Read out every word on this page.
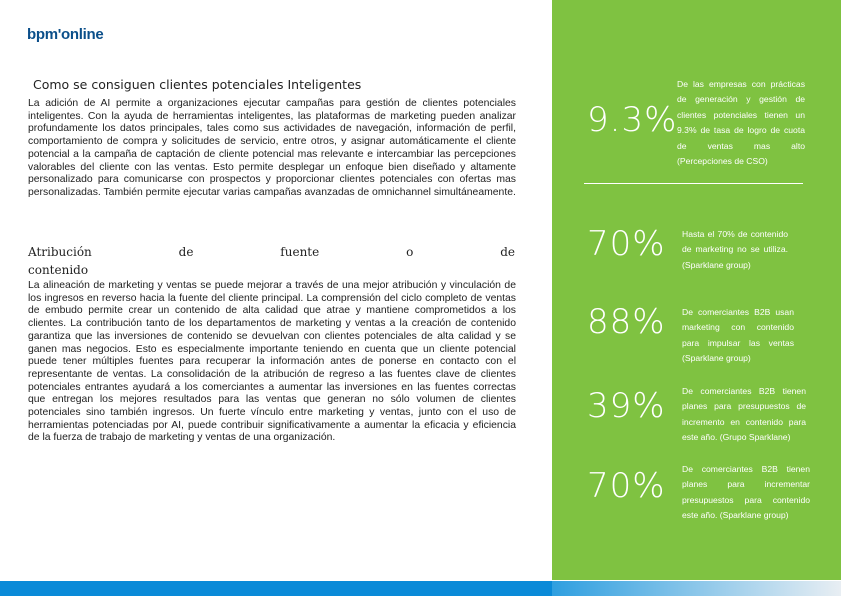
bpm'online
Como se consiguen clientes potenciales Inteligentes
La adición de AI permite a organizaciones ejecutar campañas para gestión de clientes potenciales inteligentes. Con la ayuda de herramientas inteligentes, las plataformas de marketing pueden analizar profundamente los datos principales, tales como sus actividades de navegación, información de perfil, comportamiento de compra y solicitudes de servicio, entre otros, y asignar automáticamente el cliente potencial a la campaña de captación de cliente potencial mas relevante e intercambiar las percepciones valorables del cliente con las ventas. Esto permite desplegar un enfoque bien diseñado y altamente personalizado para comunicarse con prospectos y proporcionar clientes potenciales con ofertas mas personalizadas. También permite ejecutar varias campañas avanzadas de omnichannel simultáneamente.
Atribución	de	fuente	o	de
contenido
La alineación de marketing y ventas se puede mejorar a través de una mejor atribución y vinculación de los ingresos en reverso hacia la fuente del cliente principal. La comprensión del ciclo completo de ventas de embudo permite crear un contenido de alta calidad que atrae y mantiene comprometidos a los clientes. La contribución tanto de los departamentos de marketing y ventas a la creación de contenido garantiza que las inversiones de contenido se devuelvan con clientes potenciales de alta calidad y se ganen mas negocios. Esto es especialmente importante teniendo en cuenta que un cliente potencial puede tener múltiples fuentes para recuperar la información antes de ponerse en contacto con el representante de ventas. La consolidación de la atribución de regreso a las fuentes clave de clientes potenciales entrantes ayudará a los comerciantes a aumentar las inversiones en las fuentes correctas que entregan los mejores resultados para las ventas que generan no sólo volumen de clientes potenciales sino también ingresos. Un fuerte vínculo entre marketing y ventas, junto con el uso de herramientas potenciadas por AI, puede contribuir significativamente a aumentar la eficacia y eficiencia de la fuerza de trabajo de marketing y ventas de una organización.
9.3%
De las empresas con prácticas de generación y gestión de clientes potenciales tienen un 9.3% de tasa de logro de cuota de ventas mas alto (Percepciones de CSO)
70% Hasta el 70% de contenido de marketing no se utiliza. (Sparklane group)
88% De comerciantes B2B usan marketing con contenido para impulsar las ventas (Sparklane group)
39% De comerciantes B2B tienen planes para presupuestos de incremento en contenido para este año. (Grupo Sparklane)
70% De comerciantes B2B tienen planes para incrementar presupuestos para contenido este año. (Sparklane group)
